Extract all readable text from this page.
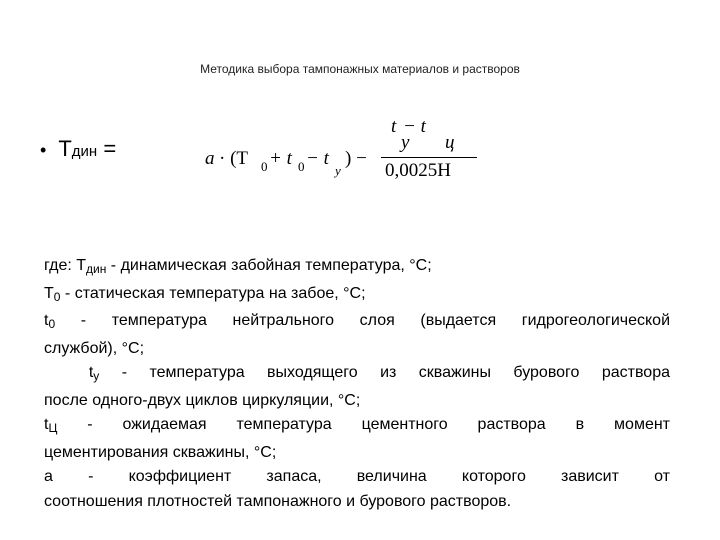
Методика выбора тампонажных материалов и растворов
• T дин
=	a · (T 0 + t 0 − t
y
) −
t − t
y ц
0,0025H

где: $T_{дин}$ - динамическая забойная температура, °С;

$T_0$ - статическая температура на забое, °С;

$t_0$ - температура нейтрального слоя (выдается гидрогеологической

службой), °С;

$t_у$ - температура выходящего из скважины бурового раствора

после одного-двух циклов циркуляции, °С;

$t_Ц$ - ожидаемая температура цементного раствора в момент

цементирования скважины, °С;

а - коэффициент запаса, величина которого зависит от

соотношения плотностей тампонажного и бурового растворов.
